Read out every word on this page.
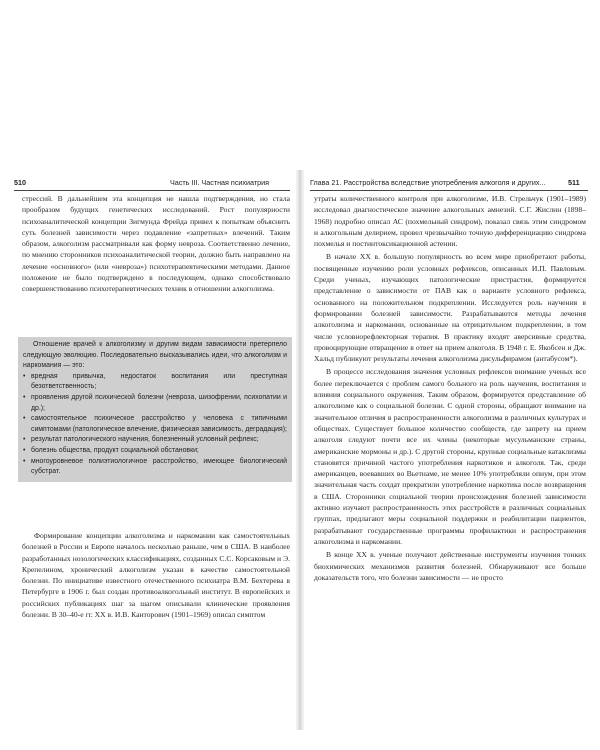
510	Часть III. Частная психиатрия

стрессий. В дальнейшем эта концепция не нашла подтверждения, но стала прообразом будущих генетических исследований. Рост популярности психоаналитической концепции Зигмунда Фрейда привел к попыткам объяснить суть болезней зависимости через подавление «запретных» влечений. Таким образом, алкоголизм рассматривали как форму невроза. Соответственно лечение, по мнению сторонников психоаналитической теории, должно быть направлено на лечение «основного» (или «невроза») психотерапевтическими методами. Данное положение не было подтверждено в последующем, однако способствовало совершенствованию психотерапевтических техник в отношении алкоголизма.

Отношение врачей к алкоголизму и другим видам зависимости претерпело следующую эволюцию. Последовательно высказывались идеи, что алкоголизм и наркомания — это:

• вредная привычка, недостаток воспитания или преступная безответственность;
• проявления другой психической болезни (невроза, шизофрении, психопатии и др.);
• самостоятельное психическое расстройство у человека с типичными симптомами (патологическое влечение, физическая зависимость, деградация);
• результат патологического научения, болезненный условный рефлекс;
• болезнь общества, продукт социальной обстановки;
• многоуровневое полиэтиологичное расстройство, имеющее биологический субстрат.

Формирование концепции алкоголизма и наркомании как самостоятельных болезней в России и Европе началось несколько раньше, чем в США. В наиболее разработанных нозологических классификациях, созданных С.С. Корсаковым и Э. Крепелином, хронический алкоголизм указан в качестве самостоятельной болезни. По инициативе известного отечественного психиатра В.М. Бехтерева в Петербурге в 1906 г. был создан противоалкогольный институт. В европейских и российских публикациях шаг за шагом описывали клинические проявления болезни. В 30–40-е гг. XX в. И.В. Канторович (1901–1969) описал симптом

Глава 21. Расстройства вследствие употребления алкоголя и других...	511

утраты количественного контроля при алкоголизме, И.В. Стрельчук (1901–1989) исследовал диагностическое значение алкогольных амнезий. С.Г. Жислин (1898–1968) подробно описал АС (похмельный синдром), показал связь этим синдромом и алкогольным делирием, провел чрезвычайно точную дифференциацию синдрома похмелья и постинтоксикационной астении.

В начале XX в. большую популярность во всем мире приобретают работы, посвященные изучению роли условных рефлексов, описанных И.П. Павловым. Среди ученых, изучающих патологические пристрастия, формируется представление о зависимости от ПАВ как о варианте условного рефлекса, основанного на положительном подкреплении. Исследуется роль научения в формировании болезней зависимости. Разрабатываются методы лечения алкоголизма и наркомании, основанные на отрицательном подкреплении, в том числе условнорефлекторная терапия. В практику входят аверсивные средства, провоцирующие отвращение в ответ на прием алкоголя. В 1948 г. Е. Якобсен и Дж. Хальд публикуют результаты лечения алкоголизма дисульфирамом (антабусом*).

В процессе исследования значения условных рефлексов внимание ученых все более переключается с проблем самого больного на роль научения, воспитания и влияния социального окружения. Таким образом, формируется представление об алкоголизме как о социальной болезни. С одной стороны, обращают внимание на значительное отличия в распространенности алкоголизма в различных культурах и обществах. Существует большое количество сообществ, где запрету на прием алкоголя следуют почти все их члены (некоторые мусульманские страны, американские мормоны и др.). С другой стороны, крупные социальные катаклизмы становятся причиной частого употребления наркотиков и алкоголя. Так, среди американцев, воевавших во Вьетнаме, не менее 10% употребляли опиум, при этом значительная часть солдат прекратили употребление наркотика после возвращения в США. Сторонники социальной теории происхождения болезней зависимости активно изучают распространенность этих расстройств в различных социальных группах, предлагают меры социальной поддержки и реабилитации пациентов, разрабатывают государственные программы профилактики и распространения алкоголизма и наркомании.

В конце XX в. ученые получают действенные инструменты изучения тонких биохимических механизмов развития болезней. Обнаруживают все больше доказательств того, что болезни зависимости — не просто
